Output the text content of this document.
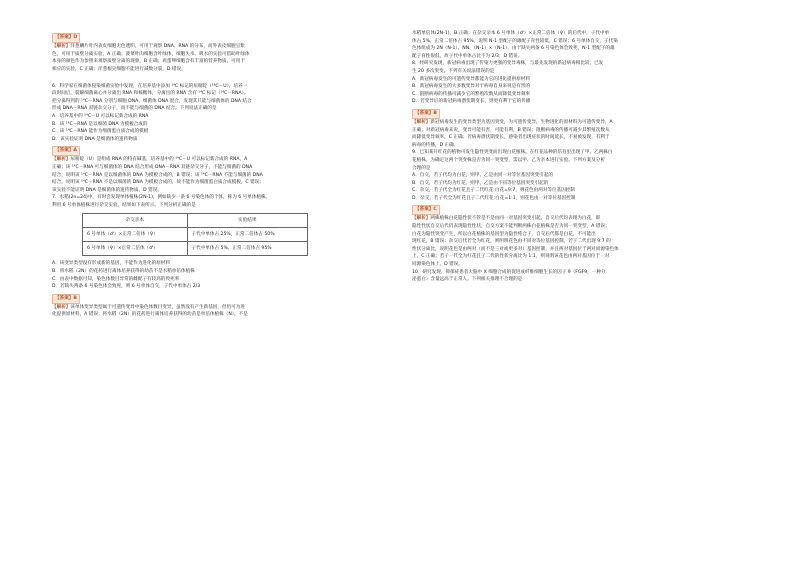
【答案】D
【解析】洋葱鳞片叶内表皮细胞无色透明，可用于观察 DNA、RNA 的分布，而外表皮细胞呈紫
色，可用于质壁分离实验，A 正确；菠菜叶肉细胞含叶绿体，细胞失水、吸水的实验可借助叶绿体
本身的颜色作为参照来观察质壁分离的现象，B 正确；鸡蛋卵细胞含有丰富的营养物质，可用于
相应的实验，C 正确；洋葱根尖细胞不能进行减数分裂，D 错误。
6．科学家在细菌体侵染细菌实验中发现，在培养基中添加 ¹⁴C 标记的尿嘧啶（¹⁴C－U），培养一
段时间后，裂解细菌离心并分离出 RNA 和核糖体，分离出的 RNA 含有 ¹⁴C 标记（¹⁴C－RNA）。
把分离得到的 ¹⁴C－RNA 分别与细胞 DNA、细菌体 DNA 混合，发现其只能与细菌体的 DNA 结合
形成 DNA－RNA 双链杂交分子，而不能与细菌的 DNA 结合。下列说法正确的是
A．培养基中的 ¹⁴C－U 可以标记新合成的 RNA
B．该 ¹⁴C－RNA 是以细菌 DNA 为模板合成的
C．该 ¹⁴C－RNA 能作为细菌蛋白质合成的模板
D．该实验证明 DNA 是细菌体的遗传物质
【答案】A
【解析】尿嘧啶（U）是组成 RNA 的特有碱基，培养基中的 ¹⁴C－U 可以标记新合成的 RNA，A
正确；该 ¹⁴C－RNA 可与细菌体的 DNA 结合形成 DNA－RNA 双链杂交分子，不能与细菌的 DNA
结合，说明该 ¹⁴C－RNA 是以细菌体的 DNA 为模板合成的，B 错误；该 ¹⁴C－RNA 不能与细菌的 DNA
结合，说明该 ¹⁴C－RNA 不是以细菌的 DNA 为模板合成的，故不能作为细菌蛋白质合成模板，C 错误；
该实验不能证明 DNA 是细菌体的遗传物质，D 错误。
7．水稻(2n=24)中，有时会发现单体植株(2N-1)，例如缺少一条 6 号染色体的个体，称为 6 号单体植株。
利用 6 号单体植株进行杂交实验，结果如下表所示。下列分析正确的是
杂交亲本	实验结果
6 号单体（♂）×正常二倍体（♀）	子代中单体占 25%，正常二倍体占 50%
6 号单体（♀）×正常二倍体（♂）	子代中单体占 5%，正常二倍体占 95%
A．该变异类型没有形成新的基因，不能作为进化的原材料
B．将水稻（2N）的花药进行离体培养获得的幼苗不是水稻单倍体植株
C．由表中数据可知，染色体数目异常的雌配子有较高的致死率
D．若缺失两条 6 号染色体会致死，则 6 号单体自交，子代中单体占 2/3
【答案】B
【解析】该单体变异类型属于可遗传变异中染色体数目变异，虽然没有产生新基因，但仍可为进
化提供原材料，A 错误；将水稻（2N）的花药进行离体培养获得的幼苗是单倍体植株（N），不是
水稻单倍体(2N-1)，B 正确；在杂交亲本 6 号单体（♂）×正常二倍体（♀）的后代中，子代中单
体占 5%，正常二倍体占 95%，说明 N-1 型配子的雄配子育性较低，C 错误；6 号单体自交，子代染
色体组成为 2N（N-1）、NN、（N-1）×（N-1），由于缺失两条 6 号染色体会致死，N-1 型配子的雄
配子育性很低，故子代中单体占比不为 2/3，D 错误。
8．经研究发现，新冠病毒出现了传染力更强的变异毒株，与最先发现的新冠病毒相比较，已发
生 20 多次突变。下列有关说法错误的是
A．新冠病毒发生的可遗传变异都能为它的进化提供原材料
B．新冠病毒发生的大多数变异对于病毒自身来说是有害的
C．阻断病毒的传播可减少它的繁殖次数从而降低变异频率
D．若变异后的新冠病毒潜伏期变长，则更有利于它的传播
【答案】B
【解析】新冠病毒发生的变异类型为基因突变，为可遗传变异，生物进化的原材料为可遗传变异，A
正确；对新冠病毒来说，变异可能有害，可能有利，B 错误；阻断病毒的传播可减少其繁殖次数从
而降低变异频率，C 正确；若病毒潜伏期变长，感染者出现症状的时间延长，不易被发现，有利于
病毒的传播，D 正确。
9．已知某开红花的植物可发生隐性突变而出现白花植株。在红花品种的培育里出现了甲、乙两株白
花植株，为确定这两个突变株是否为同一突变型，需以甲、乙为亲本进行实验。下列方案及分析
合理的是
A．自交，若子代均为白花，则甲、乙是由同一对等位基因突变引起的
B．自交，若子代均为红花，则甲、乙是由不同等位基因突变引起的
C．杂交，若子代全为红花且子二代红花:白花=9:7，则花色由两对等位基因控制
D．杂交，若子代全为红花且子二代红花:白花=1:1，则花色由一对等位基因控制
【答案】C
【解析】两株植株白花隐性状不管是不是由同一对基因突变引起，自交后代均表现为白花，即
隐性性状自交后代仍表现隐性性状，自交方案不能判断两株白花植株是否为同一突变型，A 错误；
白花为隐性突变产生，所以白花植株的基因型为隐性纯合子，自交后代都是白花，不可能出
现红花，B 错误；杂交后代若全为红花，则明明花色由不同对等位基因控制，若子二代出现 9:7 的
性状分离比，说明花色是由两对（而不是三对或更多对）基因控制，并且两对基因位于两对同源染色体
上，C 正确；若子一代全为红花且子二代的性状分离比为 1:1，则说明该花色由两对基因位于一对
同源染色体上，D 错误。
10．研究发现，抑郁症患者大脑中 X 细胞合成的促进成纤维细胞生长的因子 9（FGF9，一种分
泌蛋白）含量远高于正常人。下列相关推理不合理的是
